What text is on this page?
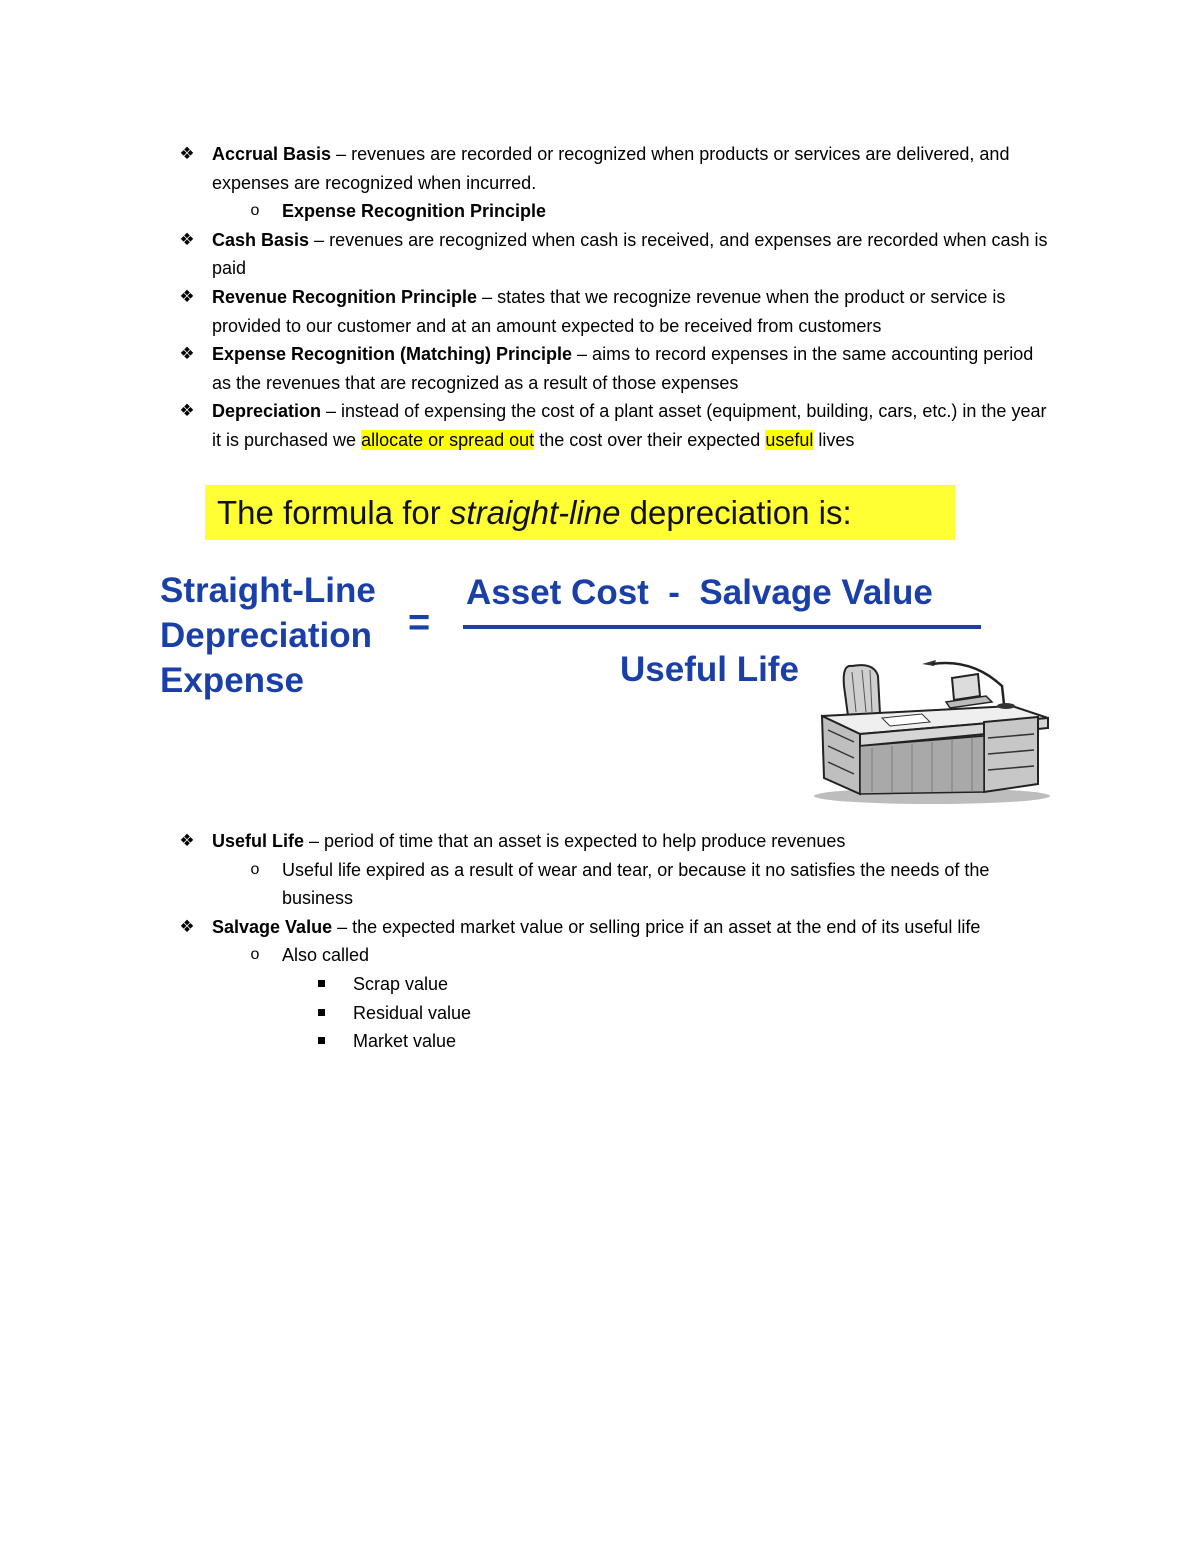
❖ Accrual Basis – revenues are recorded or recognized when products or services are delivered, and expenses are recognized when incurred.
o Expense Recognition Principle
❖ Cash Basis – revenues are recognized when cash is received, and expenses are recorded when cash is paid
❖ Revenue Recognition Principle – states that we recognize revenue when the product or service is provided to our customer and at an amount expected to be received from customers
❖ Expense Recognition (Matching) Principle – aims to record expenses in the same accounting period as the revenues that are recognized as a result of those expenses
❖ Depreciation – instead of expensing the cost of a plant asset (equipment, building, cars, etc.) in the year it is purchased we allocate or spread out the cost over their expected useful lives
The formula for straight-line depreciation is:
Straight-Line
Depreciation
Expense
=
Asset Cost  -  Salvage Value
Useful Life
❖ Useful Life – period of time that an asset is expected to help produce revenues
o Useful life expired as a result of wear and tear, or because it no satisfies the needs of the business
❖ Salvage Value – the expected market value or selling price if an asset at the end of its useful life
o Also called
Scrap value
Residual value
Market value
